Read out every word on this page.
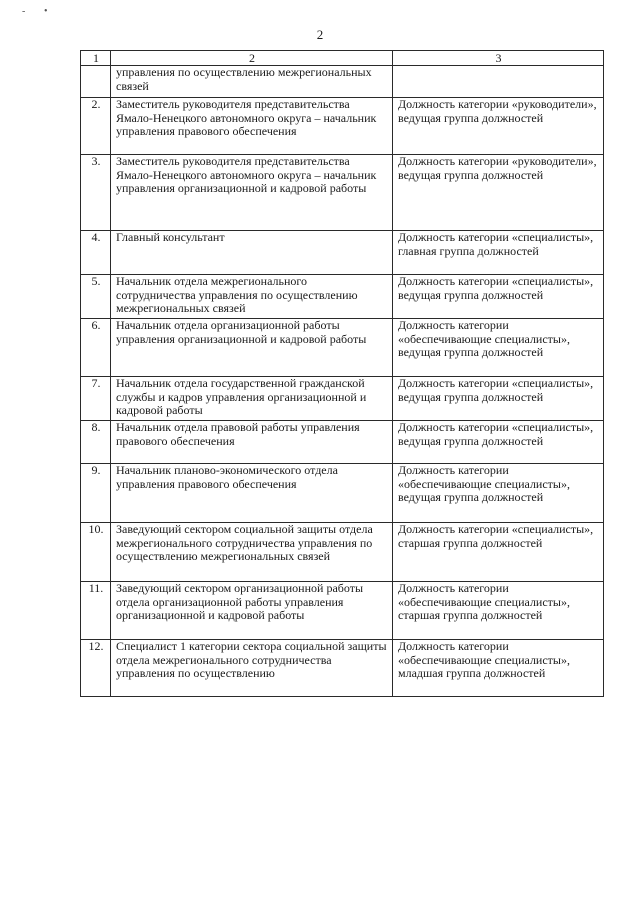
- •
2
1	2	3
	управления по осуществлению межрегиональных связей	
2.	Заместитель руководителя представительства Ямало-Ненецкого автономного округа – начальник управления правового обеспечения	Должность категории «руководители», ведущая группа должностей
3.	Заместитель руководителя представительства Ямало-Ненецкого автономного округа – начальник управления организационной и кадровой работы	Должность категории «руководители», ведущая группа должностей
4.	Главный консультант	Должность категории «специалисты», главная группа должностей
5.	Начальник отдела межрегионального сотрудничества управления по осуществлению межрегиональных связей	Должность категории «специалисты», ведущая группа должностей
6.	Начальник отдела организационной работы управления организационной и кадровой работы	Должность категории «обеспечивающие специалисты», ведущая группа должностей
7.	Начальник отдела государственной гражданской службы и кадров управления организационной и кадровой работы	Должность категории «специалисты», ведущая группа должностей
8.	Начальник отдела правовой работы управления правового обеспечения	Должность категории «специалисты», ведущая группа должностей
9.	Начальник планово-экономического отдела управления правового обеспечения	Должность категории «обеспечивающие специалисты», ведущая группа должностей
10.	Заведующий сектором социальной защиты отдела межрегионального сотрудничества управления по осуществлению межрегиональных связей	Должность категории «специалисты», старшая группа должностей
11.	Заведующий сектором организационной работы отдела организационной работы управления организационной и кадровой работы	Должность категории «обеспечивающие специалисты», старшая группа должностей
12.	Специалист 1 категории сектора социальной защиты отдела межрегионального сотрудничества управления по осуществлению	Должность категории «обеспечивающие специалисты», младшая группа должностей
